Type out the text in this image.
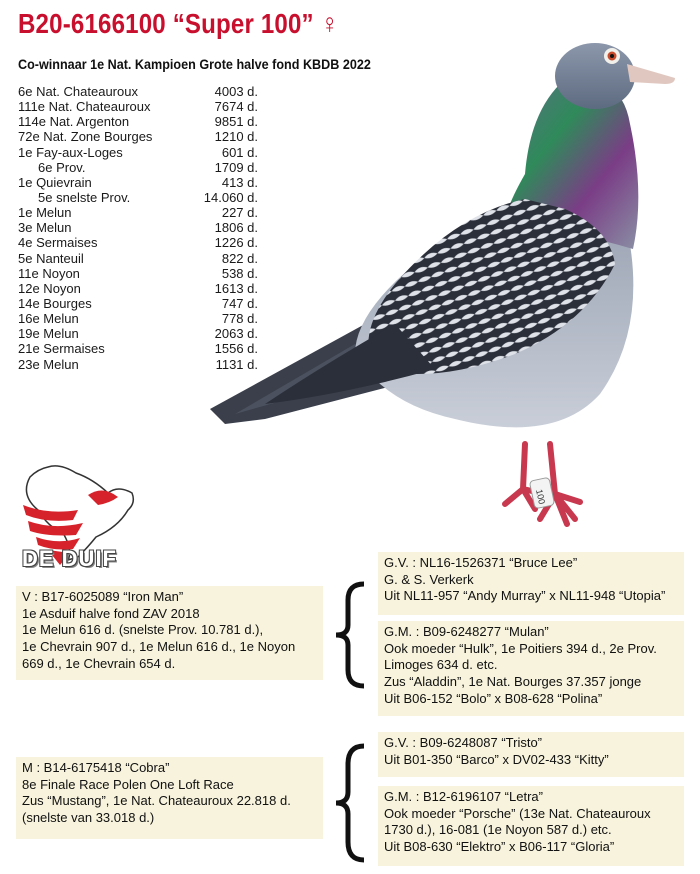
B20-6166100 “Super 100” ♀
Co-winnaar 1e Nat. Kampioen Grote halve fond KBDB 2022
6e Nat. Chateauroux	4003 d.
111e Nat. Chateauroux	7674 d.
114e Nat. Argenton	9851 d.
72e Nat. Zone Bourges	1210 d.
1e Fay-aux-Loges	601 d.
6e Prov.	1709 d.
1e Quievrain	413 d.
5e snelste Prov.	14.060 d.
1e Melun	227 d.
3e Melun	1806 d.
4e Sermaises	1226 d.
5e Nanteuil	822 d.
11e Noyon	538 d.
12e Noyon	1613 d.
14e Bourges	747 d.
16e Melun	778 d.
19e Melun	2063 d.
21e Sermaises	1556 d.
23e Melun	1131 d.
100
DE DUIF
V : B17-6025089 “Iron Man”
1e Asduif halve fond ZAV 2018
1e Melun 616 d. (snelste Prov. 10.781 d.),
1e Chevrain 907 d., 1e Melun 616 d., 1e Noyon
669 d., 1e Chevrain 654 d.
M : B14-6175418 “Cobra”
8e Finale Race Polen One Loft Race
Zus “Mustang”, 1e Nat. Chateauroux 22.818 d.
(snelste van 33.018 d.)
G.V. : NL16-1526371 “Bruce Lee”
G. & S. Verkerk
Uit NL11-957 “Andy Murray” x NL11-948 “Utopia”
G.M. : B09-6248277 “Mulan”
Ook moeder “Hulk”, 1e Poitiers 394 d., 2e Prov.
Limoges 634 d. etc.
Zus “Aladdin”, 1e Nat. Bourges 37.357 jonge
Uit B06-152 “Bolo” x B08-628 “Polina”
G.V. : B09-6248087 “Tristo”
Uit B01-350 “Barco” x DV02-433 “Kitty”
G.M. : B12-6196107 “Letra”
Ook moeder “Porsche” (13e Nat. Chateauroux
1730 d.), 16-081 (1e Noyon 587 d.) etc.
Uit B08-630 “Elektro” x B06-117 “Gloria”
